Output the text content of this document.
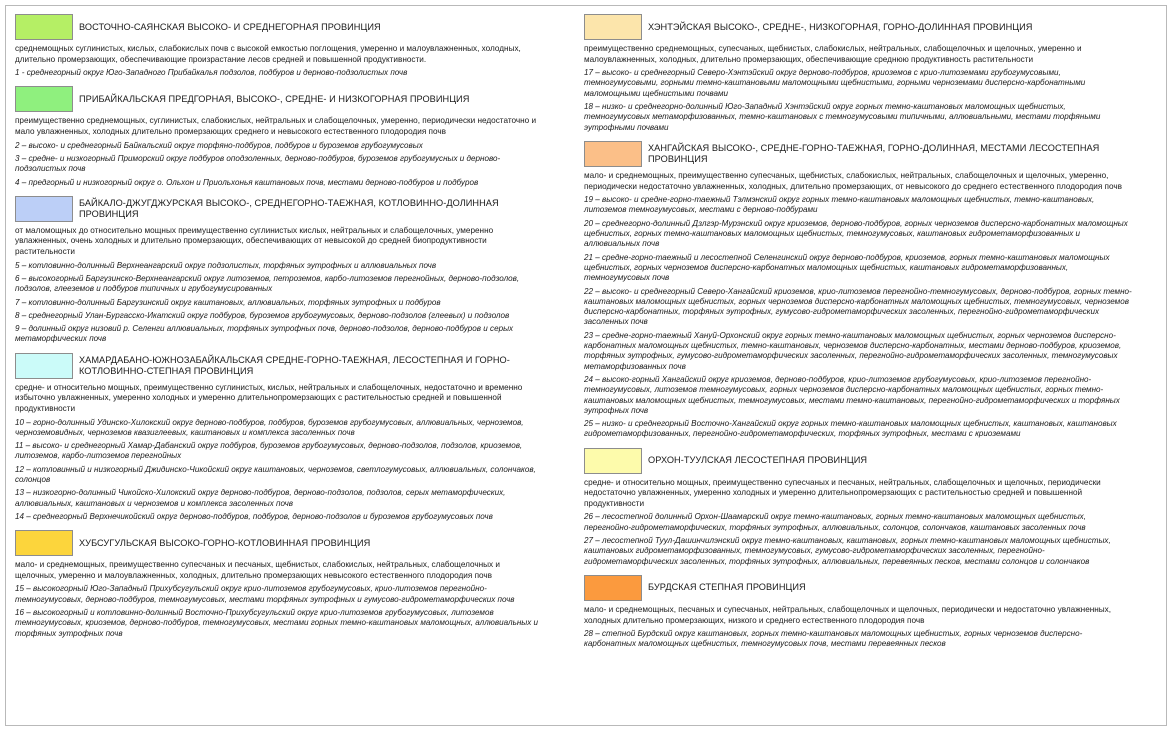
ВОСТОЧНО-САЯНСКАЯ ВЫСОКО- И СРЕДНЕГОРНАЯ ПРОВИНЦИЯ
среднемощных суглинистых, кислых, слабокислых почв с высокой емкостью поглощения, умеренно и малоувлажненных, холодных, длительно промерзающих, обеспечивающие произрастание лесов средней и повышенной продуктивности.
1 - среднегорный округ Юго-Западного Прибайкалья подзолов, подбуров и дерново-подзолистых почв
ПРИБАЙКАЛЬСКАЯ ПРЕДГОРНАЯ, ВЫСОКО-, СРЕДНЕ- И НИЗКОГОРНАЯ ПРОВИНЦИЯ
преимущественно среднемощных, суглинистых, слабокислых, нейтральных и слабощелочных, умеренно, периодически недостаточно и мало увлажненных, холодных длительно промерзающих среднего и невысокого естественного плодородия почв
2 – высоко- и среднегорный Байкальский округ торфяно-подбуров, подбуров и буроземов грубогумусовых
3 – средне- и низкогорный Приморский округ подбуров оподзоленных, дерново-подбуров, буроземов грубогумусных и дерново-подзолистых почв
4 – предгорный и низкогорный округ о. Ольхон и Приольхонья каштановых почв, местами дерново-подбуров и подбуров
БАЙКАЛО-ДЖУГДЖУРСКАЯ ВЫСОКО-, СРЕДНЕГОРНО-ТАЕЖНАЯ, КОТЛОВИННО-ДОЛИННАЯ ПРОВИНЦИЯ
от маломощных до относительно мощных преимущественно суглинистых кислых, нейтральных и слабощелочных, умеренно увлажненных, очень холодных и длительно промерзающих, обеспечивающих от невысокой до средней биопродуктивности растительности
5 – котловинно-долинный Верхнеангарский округ подзолистых, торфяных эутрофных и аллювиальных почв
6 – высокогорный Баргузинско-Верхнеангарский округ литоземов, петроземов, карбо-литоземов перегнойных, дерново-подзолов, подзолов, глееземов и подбуров типичных и грубогумусированных
7 – котловинно-долинный Баргузинский округ каштановых, аллювиальных, торфяных эутрофных и подбуров
8 – среднегорный Улан-Бургасско-Икатский округ подбуров, буроземов грубогумусовых, дерново-подзолов (глеевых) и подзолов
9 – долинный округ низовий р. Селенги аллювиальных, торфяных эутрофных почв, дерново-подзолов, дерново-подбуров и серых метаморфических почв
ХАМАРДАБАНО-ЮЖНОЗАБАЙКАЛЬСКАЯ СРЕДНЕ-ГОРНО-ТАЕЖНАЯ, ЛЕСОСТЕПНАЯ И ГОРНО-КОТЛОВИННО-СТЕПНАЯ ПРОВИНЦИЯ
средне- и относительно мощных, преимущественно суглинистых, кислых, нейтральных и слабощелочных, недостаточно и временно избыточно увлажненных, умеренно холодных и умеренно длительнопромерзающих с растительностью средней и повышенной продуктивности
10 – горно-долинный Удинско-Хилокский округ дерново-подбуров, подбуров, буроземов грубогумусовых, аллювиальных, черноземов, черноземовидных, черноземов квазиглеевых, каштановых и комплекса засоленных почв
11 – высоко- и среднегорный Хамар-Дабанский округ подбуров, буроземов грубогумусовых, дерново-подзолов, подзолов, криоземов, литоземов, карбо-литоземов перегнойных
12 – котловинный и низкогорный Джидинско-Чикойский округ каштановых, черноземов, светлогумусовых, аллювиальных, солончаков, солонцов
13 – низкогорно-долинный Чикойско-Хилокский округ дерново-подбуров, дерново-подзолов, подзолов, серых метаморфических, аллювиальных, каштановых и черноземов и комплекса засоленных почв
14 – среднегорный Верхнечикойский округ дерново-подбуров, подбуров, дерново-подзолов и буроземов грубогумусовых почв
ХУБСУГУЛЬСКАЯ ВЫСОКО-ГОРНО-КОТЛОВИННАЯ ПРОВИНЦИЯ
мало- и среднемощных, преимущественно супесчаных и песчаных, щебнистых, слабокислых, нейтральных, слабощелочных и щелочных, умеренно и малоувлажненных, холодных, длительно промерзающих невысокого естественного плодородия почв
15 – высокогорный Юго-Западный Прихубсугульский округ крио-литоземов грубогумусовых, крио-литоземов перегнойно- темногумусовых, дерново-подбуров, темногумусовых, местами торфяных эутрофных и гумусово-гидрометаморфических почв
16 – высокогорный и котловинно-долинный Восточно-Прихубсугульский округ крио-литоземов грубогумусовых, литоземов темногумусовых, криоземов, дерново-подбуров, темногумусовых, местами горных темно-каштановых маломощных, аллювиальных и торфяных эутрофных почв
ХЭНТЭЙСКАЯ ВЫСОКО-, СРЕДНЕ-, НИЗКОГОРНАЯ, ГОРНО-ДОЛИННАЯ ПРОВИНЦИЯ
преимущественно среднемощных, супесчаных, щебнистых, слабокислых, нейтральных, слабощелочных и щелочных, умеренно и малоувлажненных, холодных, длительно промерзающих, обеспечивающие среднюю продуктивность растительности
17 – высоко- и среднегорный Северо-Хэнтэйский округ дерново-подбуров, криоземов с крио-литоземами грубогумусовыми, темногумусовыми, горными темно-каштановыми маломощными щебнистыми, горными черноземами дисперсно-карбонатными маломощными щебнистыми почвами
18 – низко- и среднегорно-долинный Юго-Западный Хэнтэйский округ горных темно-каштановых маломощных щебнистых, темногумусовых метаморфизованных, темно-каштановых с темногумусовыми типичными, аллювиальными, местами торфяными эутрофными почвами
ХАНГАЙСКАЯ ВЫСОКО-, СРЕДНЕ-ГОРНО-ТАЕЖНАЯ, ГОРНО-ДОЛИННАЯ, МЕСТАМИ ЛЕСОСТЕПНАЯ ПРОВИНЦИЯ
мало- и среднемощных, преимущественно супесчаных, щебнистых, слабокислых, нейтральных, слабощелочных и щелочных, умеренно, периодически недостаточно увлажненных, холодных, длительно промерзающих, от невысокого до среднего естественного плодородия почв
19 – высоко- и средне-горно-таежный Тэлмэнский округ горных темно-каштановых маломощных щебнистых, темно-каштановых, литоземов темногумусовых, местами с дерново-подбурами
20 – среднегорно-долинный Дзлгэр-Мурэнский округ криоземов, дерново-подбуров, горных черноземов дисперсно-карбонатных маломощных щебнистых, горных темно-каштановых маломощных щебнистых, темногумусовых, каштановых гидрометаморфизованных и аллювиальных почв
21 – средне-горно-таежный и лесостепной Селенгинский округ дерново-подбуров, криоземов, горных темно-каштановых маломощных щебнистых, горных черноземов дисперсно-карбонатных маломощных щебнистых, каштановых гидрометаморфизованных, темногумусовых почв
22 – высоко- и среднегорный Северо-Хангайский криоземов, крио-литоземов перегнойно-темногумусовых, дерново-подбуров, горных темно-каштановых маломощных щебнистых, горных черноземов дисперсно-карбонатных маломощных щебнистых, темногумусовых, черноземов дисперсно-карбонатных, торфяных эутрофных, гумусово-гидрометаморфических засоленных, перегнойно-гидрометаморфических засоленных почв
23 – средне-горно-таежный Хануй-Орхонский округ горных темно-каштановых маломощных щебнистых, горных черноземов дисперсно-карбонатных маломощных щебнистых, темно-каштановых, черноземов дисперсно-карбонатных, местами дерново-подбуров, криоземов, торфяных эутрофных, гумусово-гидрометаморфических засоленных, перегнойно-гидрометаморфических засоленных, темногумусовых метаморфизованных почв
24 – высоко-горный Хангайский округ криоземов, дерново-подбуров, крио-литоземов грубогумусовых, крио-литоземов перегнойно-темногумусовых, литоземов темногумусовых, горных черноземов дисперсно-карбонатных маломощных щебнистых, горных темно-каштановых маломощных щебнистых, темногумусовых, местами темно-каштановых, перегнойно-гидрометаморфических и торфяных эутрофных почв
25 – низко- и среднегорный Восточно-Хангайский округ горных темно-каштановых маломощных щебнистых, каштановых, каштановых гидрометаморфизованных, перегнойно-гидрометаморфических, торфяных эутрофных, местами с криоземами
ОРХОН-ТУУЛСКАЯ ЛЕСОСТЕПНАЯ ПРОВИНЦИЯ
средне- и относительно мощных, преимущественно супесчаных и песчаных, нейтральных, слабощелочных и щелочных, периодически недостаточно увлажненных, умеренно холодных и умеренно длительнопромерзающих с растительностью средней и повышенной продуктивности
26 – лесостепной долинный Орхон-Шаамарский округ темно-каштановых, горных темно-каштановых маломощных щебнистых, перегнойно-гидрометаморфических, торфяных эутрофных, аллювиальных, солонцов, солончаков, каштановых засоленных почв
27 – лесостепной Туул-Дашинчилэнский округ темно-каштановых, каштановых, горных темно-каштановых маломощных щебнистых, каштановых гидрометаморфизованных, темногумусовых, гумусово-гидрометаморфических засоленных, перегнойно-гидрометаморфических засоленных, торфяных эутрофных, аллювиальных, перевеянных песков, местами солонцов и солончаков
БУРДСКАЯ СТЕПНАЯ ПРОВИНЦИЯ
мало- и среднемощных, песчаных и супесчаных, нейтральных, слабощелочных и щелочных, периодически и недостаточно увлажненных, холодных длительно промерзающих, низкого и среднего естественного плодородия почв
28 – степной Бурдский округ каштановых, горных темно-каштановых маломощных щебнистых, горных черноземов дисперсно-карбонатных маломощных щебнистых, темногумусовых почв, местами перевеянных песков
